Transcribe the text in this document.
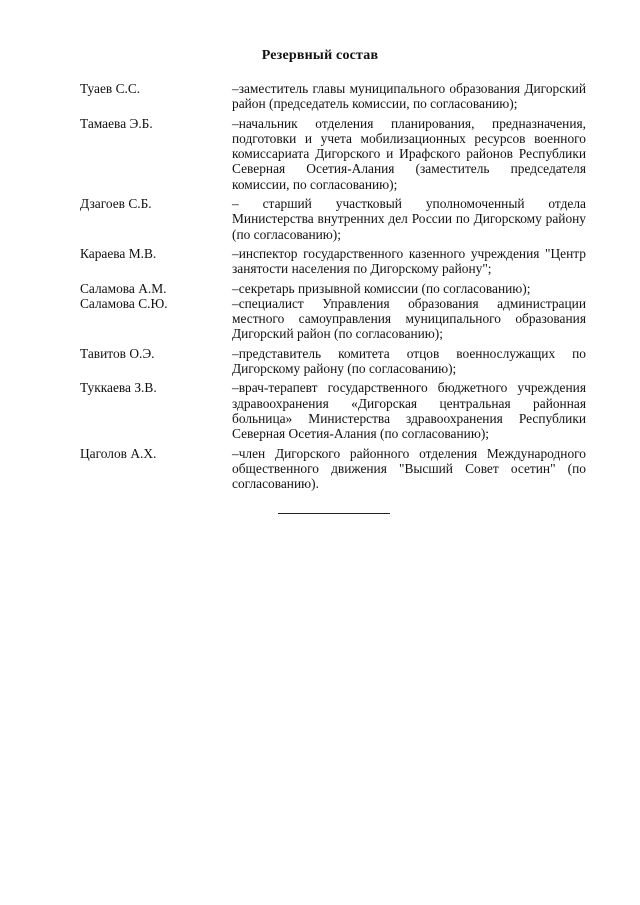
Резервный состав
Туаев С.С.	–заместитель главы муниципального образования Дигорский район (председатель комиссии, по согласованию);
Тамаева Э.Б.	–начальник отделения планирования, предназначения, подготовки и учета мобилизационных ресурсов военного комиссариата Дигорского и Ирафского районов Республики Северная Осетия-Алания (заместитель председателя комиссии, по согласованию);
Дзагоев С.Б.	– старший участковый уполномоченный отдела Министерства внутренних дел России по Дигорскому району (по согласованию);
Караева М.В.	–инспектор государственного казенного учреждения "Центр занятости населения по Дигорскому району";
Саламова А.М.	–секретарь призывной комиссии (по согласованию);
Саламова С.Ю.	–специалист Управления образования администрации местного самоуправления муниципального образования Дигорский район (по согласованию);
Тавитов О.Э.	–представитель комитета отцов военнослужащих по Дигорскому району (по согласованию);
Туккаева З.В.	–врач-терапевт государственного бюджетного учреждения здравоохранения «Дигорская центральная районная больница» Министерства здравоохранения Республики Северная Осетия-Алания (по согласованию);
Цаголов А.Х.	–член Дигорского районного отделения Международного общественного движения "Высший Совет осетин" (по согласованию).
